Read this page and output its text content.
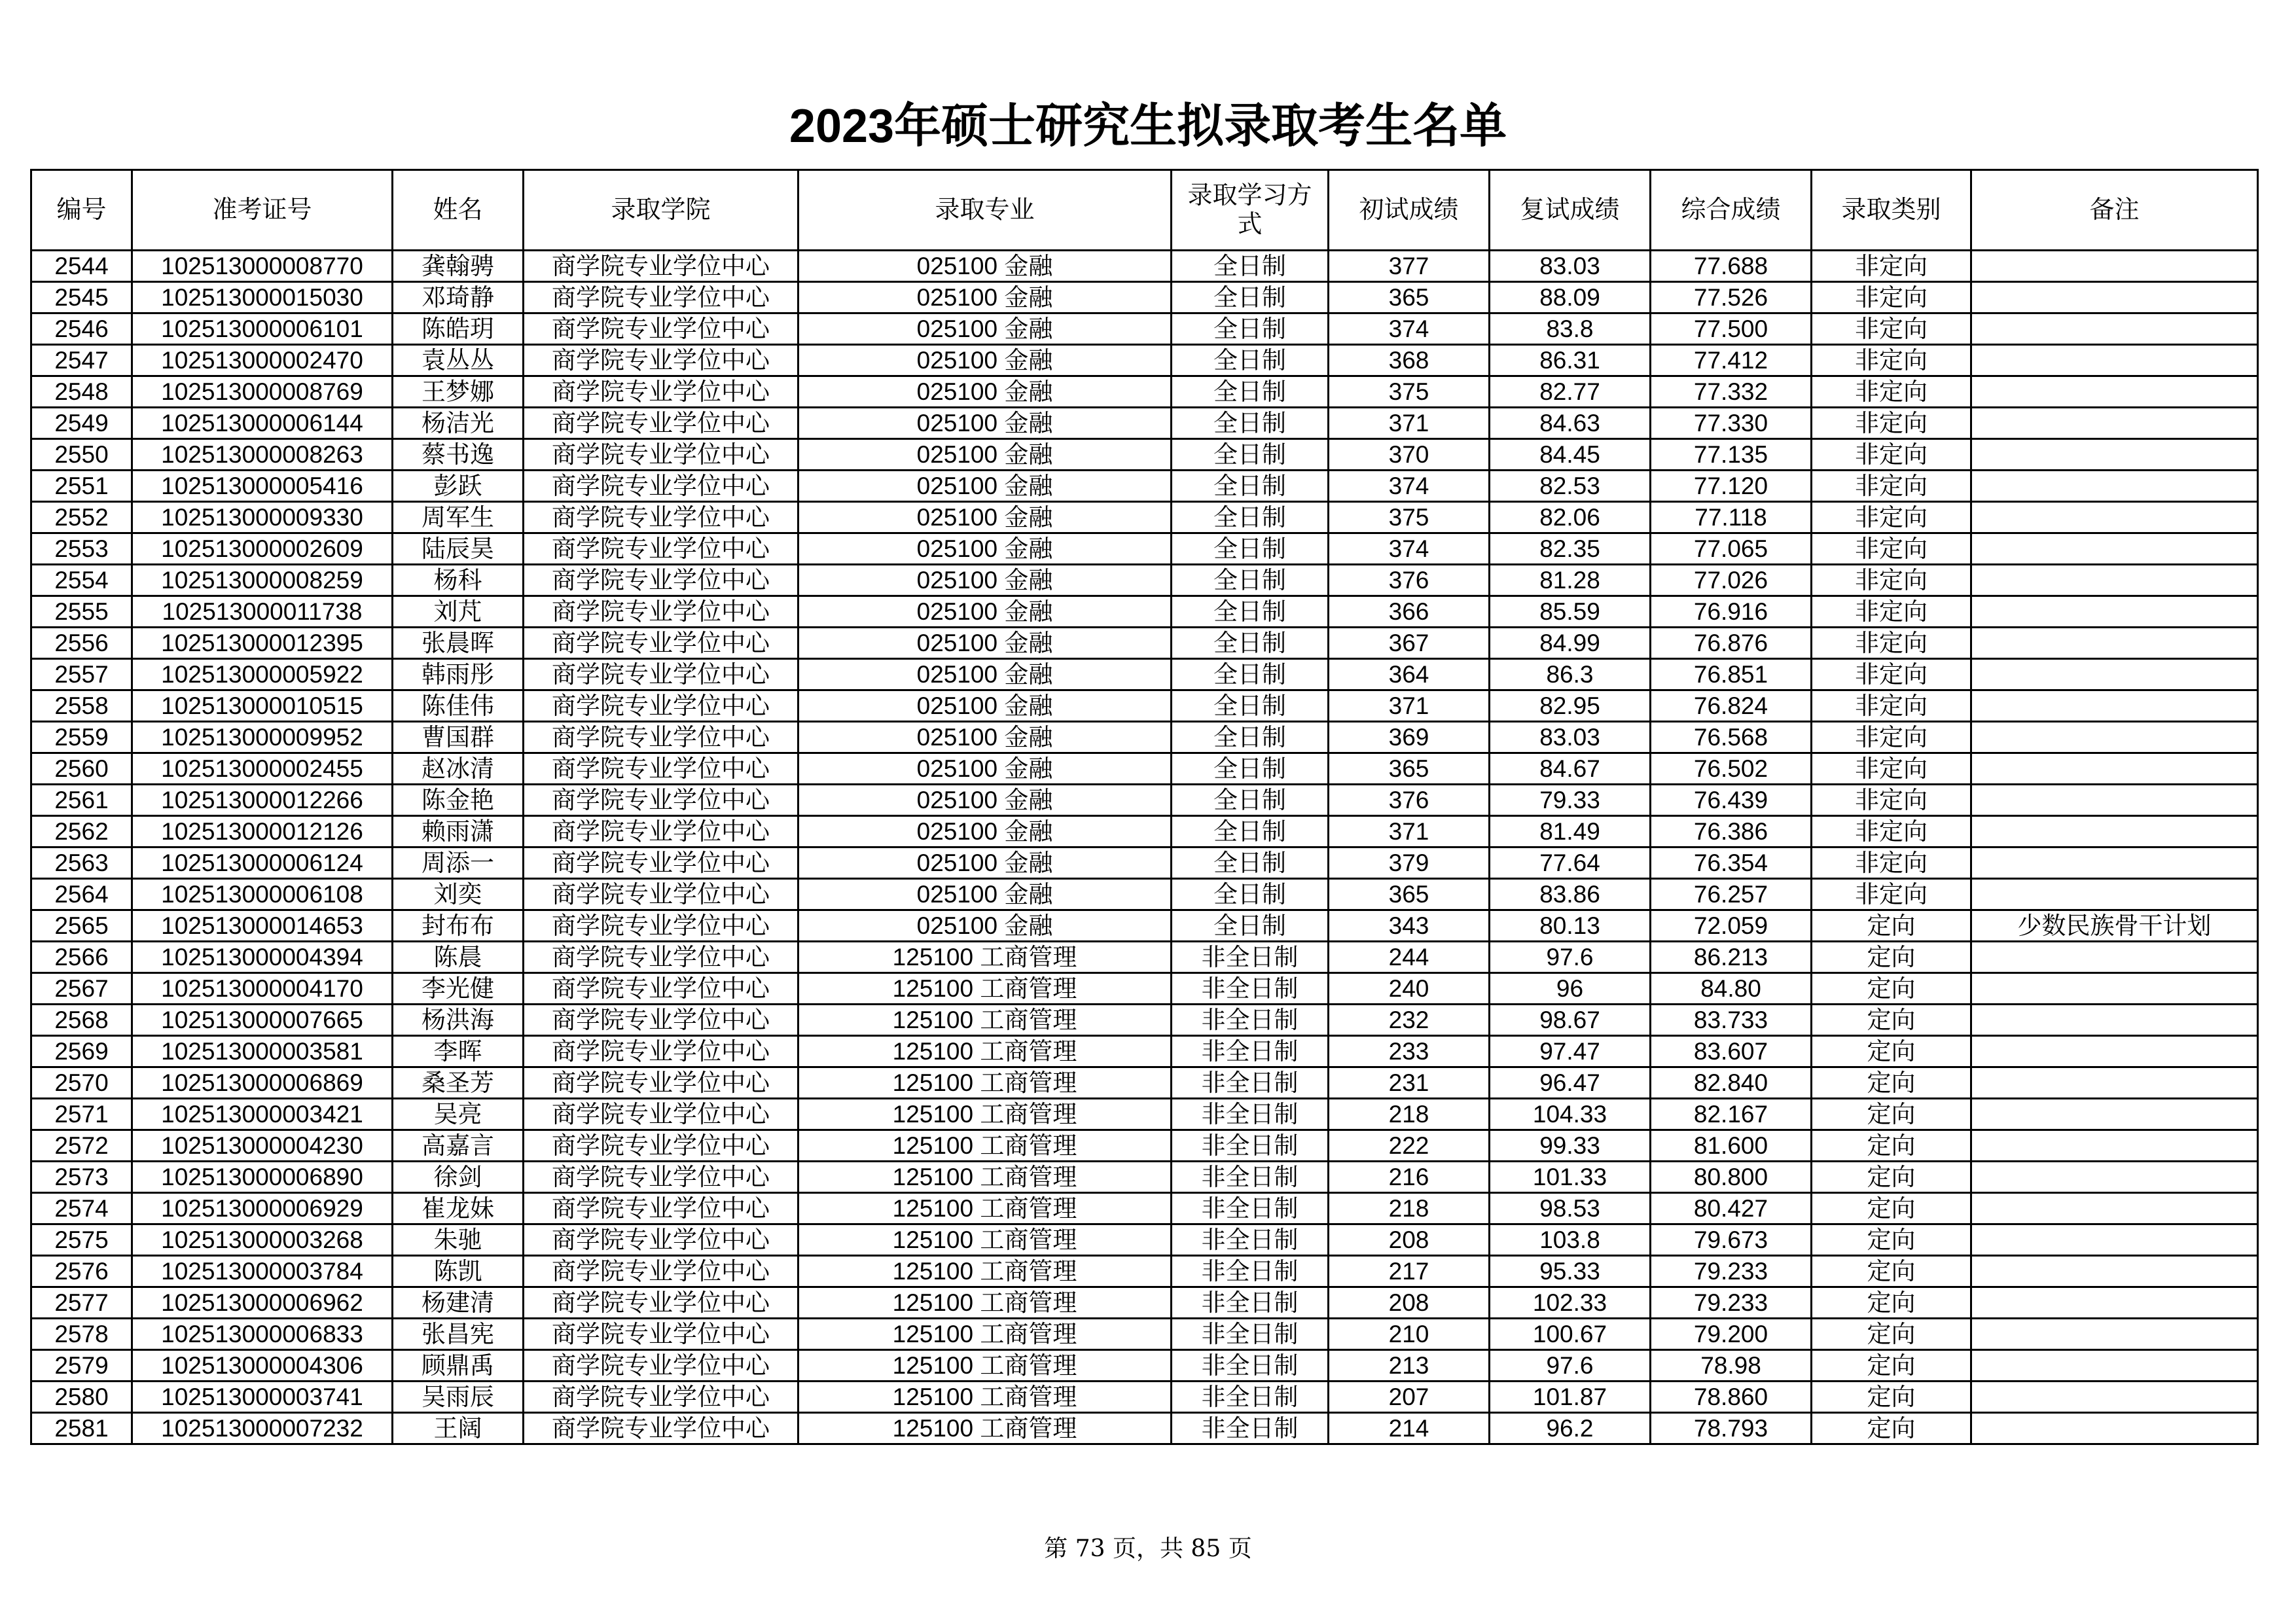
2023年硕士研究生拟录取考生名单
编号	准考证号	姓名	录取学院	录取专业	录取学习方式	初试成绩	复试成绩	综合成绩	录取类别	备注
2544	102513000008770	龚翰骋	商学院专业学位中心	025100 金融	全日制	377	83.03	77.688	非定向	
2545	102513000015030	邓琦静	商学院专业学位中心	025100 金融	全日制	365	88.09	77.526	非定向	
2546	102513000006101	陈皓玥	商学院专业学位中心	025100 金融	全日制	374	83.8	77.500	非定向	
2547	102513000002470	袁丛丛	商学院专业学位中心	025100 金融	全日制	368	86.31	77.412	非定向	
2548	102513000008769	王梦娜	商学院专业学位中心	025100 金融	全日制	375	82.77	77.332	非定向	
2549	102513000006144	杨洁光	商学院专业学位中心	025100 金融	全日制	371	84.63	77.330	非定向	
2550	102513000008263	蔡书逸	商学院专业学位中心	025100 金融	全日制	370	84.45	77.135	非定向	
2551	102513000005416	彭跃	商学院专业学位中心	025100 金融	全日制	374	82.53	77.120	非定向	
2552	102513000009330	周军生	商学院专业学位中心	025100 金融	全日制	375	82.06	77.118	非定向	
2553	102513000002609	陆辰昊	商学院专业学位中心	025100 金融	全日制	374	82.35	77.065	非定向	
2554	102513000008259	杨科	商学院专业学位中心	025100 金融	全日制	376	81.28	77.026	非定向	
2555	102513000011738	刘芃	商学院专业学位中心	025100 金融	全日制	366	85.59	76.916	非定向	
2556	102513000012395	张晨晖	商学院专业学位中心	025100 金融	全日制	367	84.99	76.876	非定向	
2557	102513000005922	韩雨彤	商学院专业学位中心	025100 金融	全日制	364	86.3	76.851	非定向	
2558	102513000010515	陈佳伟	商学院专业学位中心	025100 金融	全日制	371	82.95	76.824	非定向	
2559	102513000009952	曹国群	商学院专业学位中心	025100 金融	全日制	369	83.03	76.568	非定向	
2560	102513000002455	赵冰清	商学院专业学位中心	025100 金融	全日制	365	84.67	76.502	非定向	
2561	102513000012266	陈金艳	商学院专业学位中心	025100 金融	全日制	376	79.33	76.439	非定向	
2562	102513000012126	赖雨潇	商学院专业学位中心	025100 金融	全日制	371	81.49	76.386	非定向	
2563	102513000006124	周添一	商学院专业学位中心	025100 金融	全日制	379	77.64	76.354	非定向	
2564	102513000006108	刘奕	商学院专业学位中心	025100 金融	全日制	365	83.86	76.257	非定向	
2565	102513000014653	封布布	商学院专业学位中心	025100 金融	全日制	343	80.13	72.059	定向	少数民族骨干计划
2566	102513000004394	陈晨	商学院专业学位中心	125100 工商管理	非全日制	244	97.6	86.213	定向	
2567	102513000004170	李光健	商学院专业学位中心	125100 工商管理	非全日制	240	96	84.80	定向	
2568	102513000007665	杨洪海	商学院专业学位中心	125100 工商管理	非全日制	232	98.67	83.733	定向	
2569	102513000003581	李晖	商学院专业学位中心	125100 工商管理	非全日制	233	97.47	83.607	定向	
2570	102513000006869	桑圣芳	商学院专业学位中心	125100 工商管理	非全日制	231	96.47	82.840	定向	
2571	102513000003421	吴亮	商学院专业学位中心	125100 工商管理	非全日制	218	104.33	82.167	定向	
2572	102513000004230	高嘉言	商学院专业学位中心	125100 工商管理	非全日制	222	99.33	81.600	定向	
2573	102513000006890	徐剑	商学院专业学位中心	125100 工商管理	非全日制	216	101.33	80.800	定向	
2574	102513000006929	崔龙妹	商学院专业学位中心	125100 工商管理	非全日制	218	98.53	80.427	定向	
2575	102513000003268	朱驰	商学院专业学位中心	125100 工商管理	非全日制	208	103.8	79.673	定向	
2576	102513000003784	陈凯	商学院专业学位中心	125100 工商管理	非全日制	217	95.33	79.233	定向	
2577	102513000006962	杨建清	商学院专业学位中心	125100 工商管理	非全日制	208	102.33	79.233	定向	
2578	102513000006833	张昌宪	商学院专业学位中心	125100 工商管理	非全日制	210	100.67	79.200	定向	
2579	102513000004306	顾鼎禹	商学院专业学位中心	125100 工商管理	非全日制	213	97.6	78.98	定向	
2580	102513000003741	吴雨辰	商学院专业学位中心	125100 工商管理	非全日制	207	101.87	78.860	定向	
2581	102513000007232	王阔	商学院专业学位中心	125100 工商管理	非全日制	214	96.2	78.793	定向	
第 73 页，共 85 页
